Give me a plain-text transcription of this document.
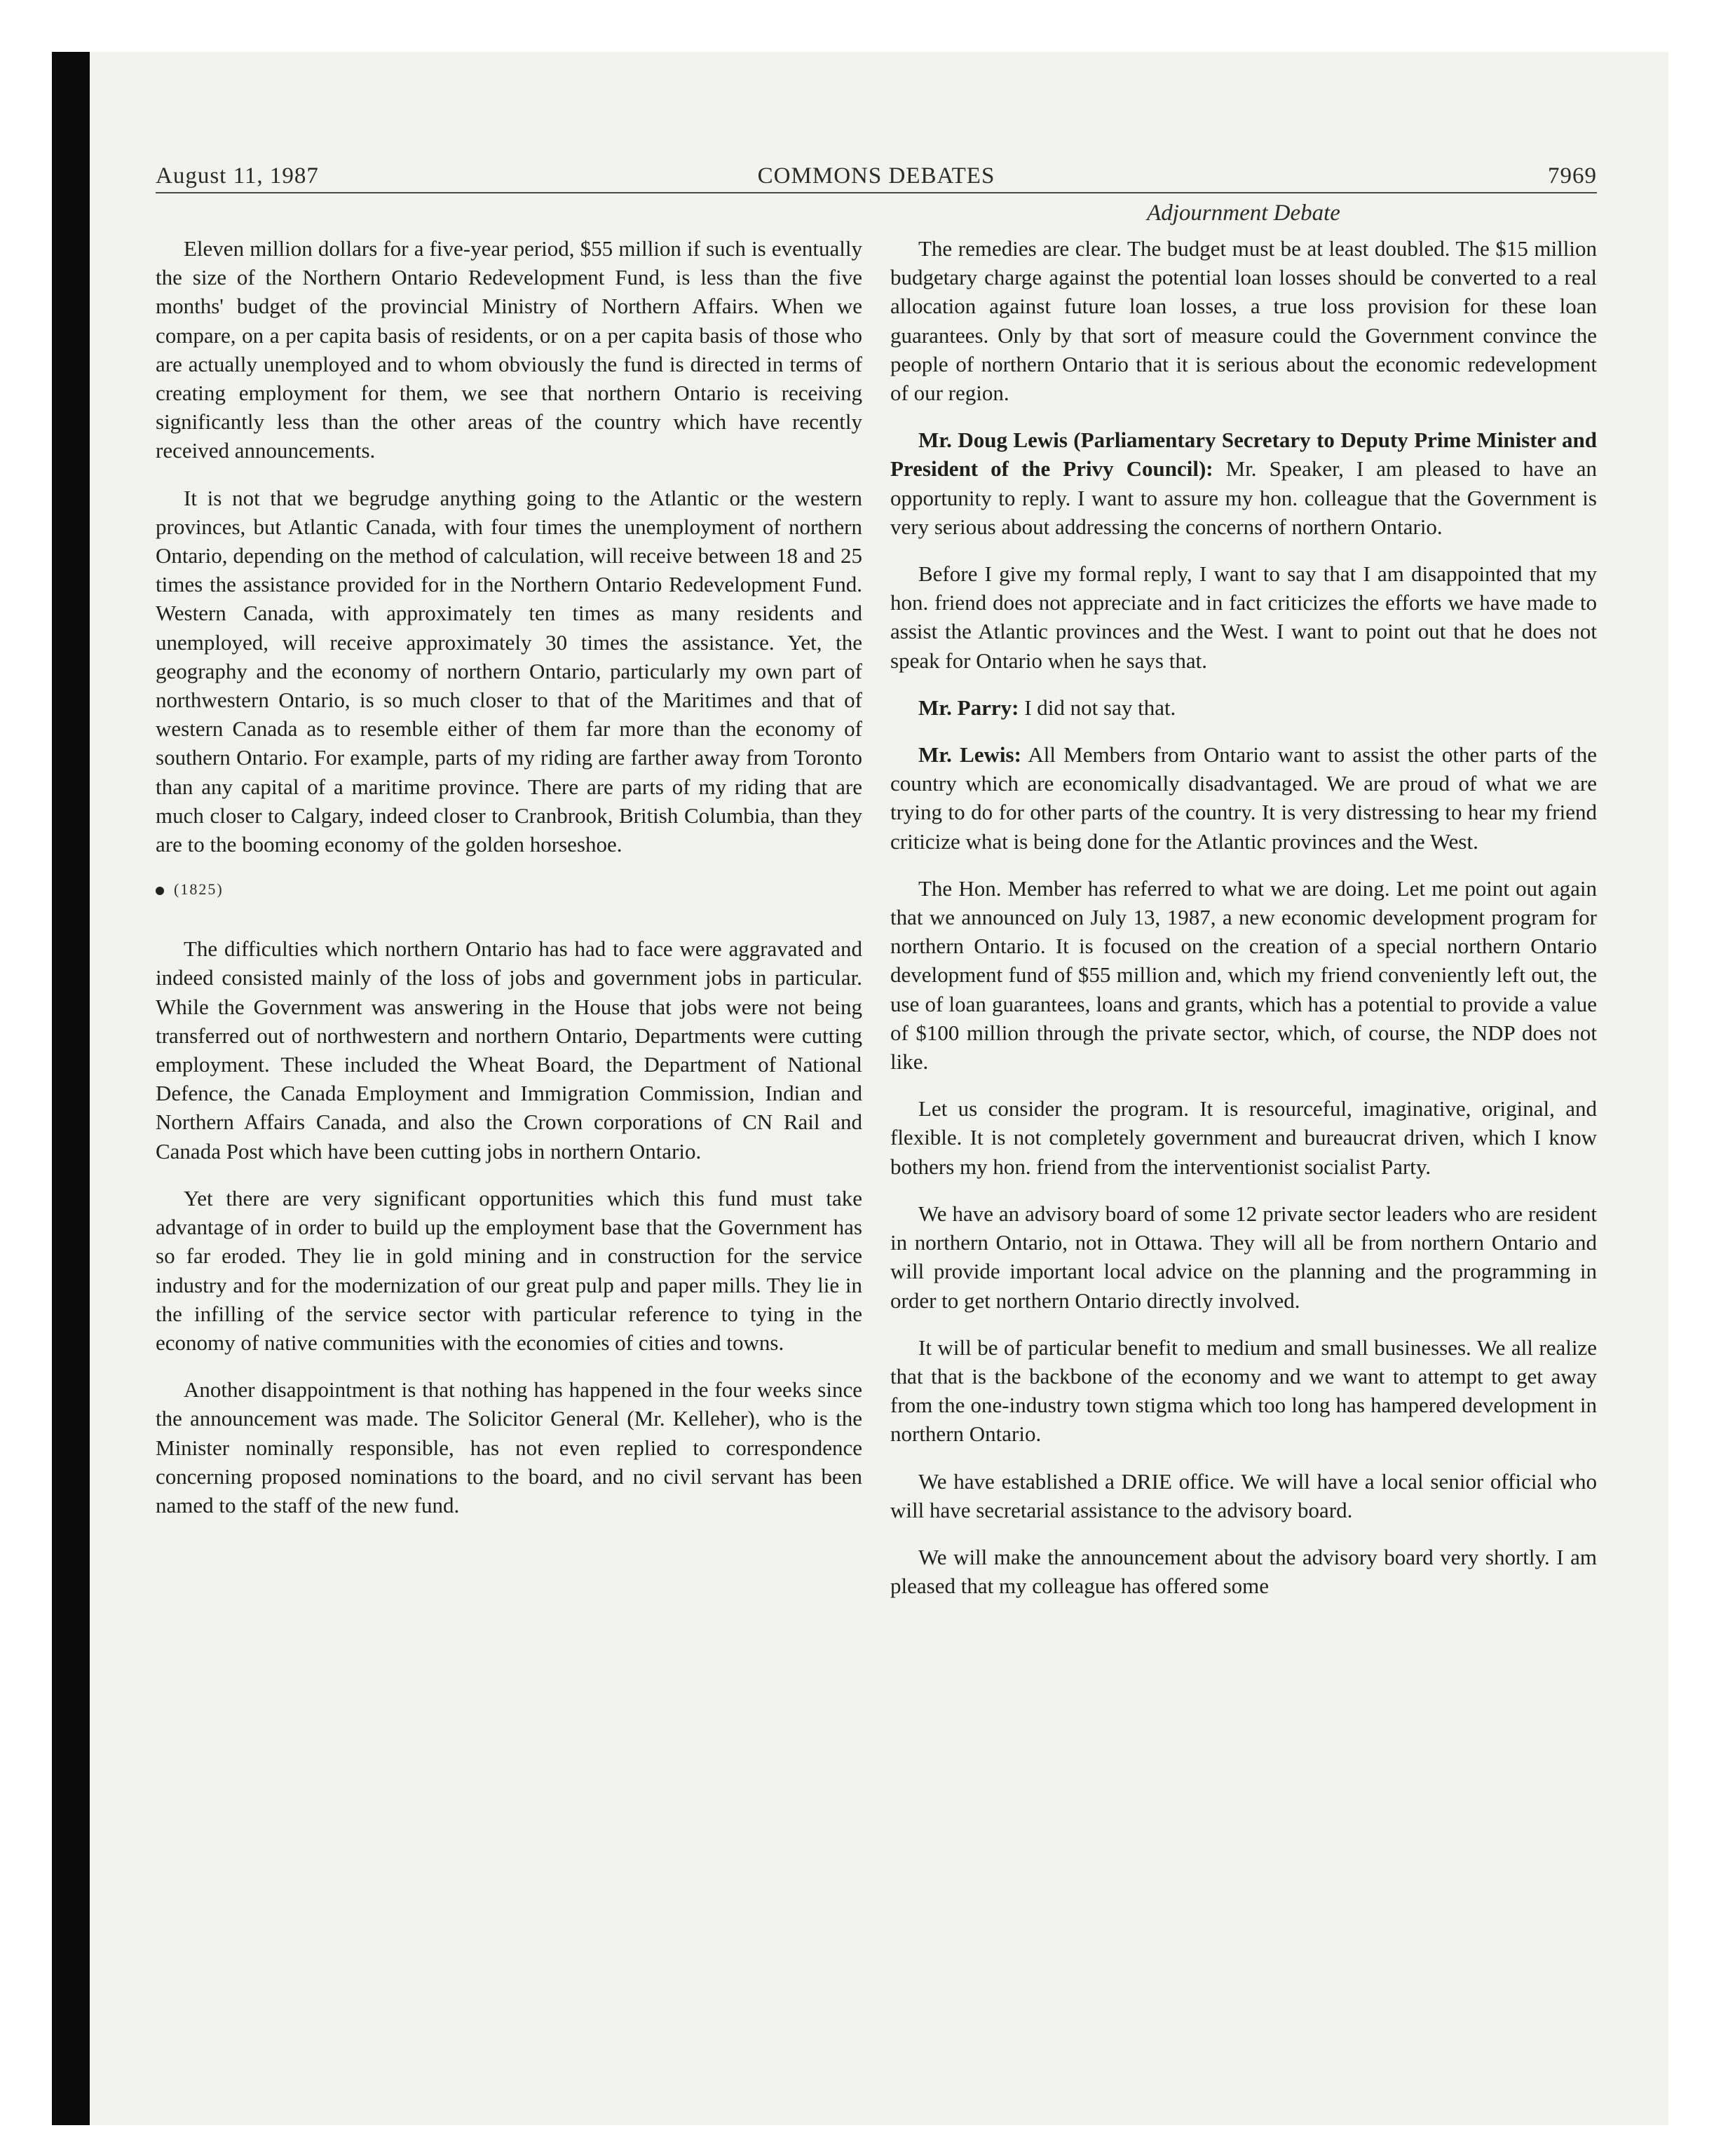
August 11, 1987	COMMONS DEBATES	7969
Adjournment Debate

Eleven million dollars for a five-year period, $55 million if such is eventually the size of the Northern Ontario Redevelopment Fund, is less than the five months' budget of the provincial Ministry of Northern Affairs. When we compare, on a per capita basis of residents, or on a per capita basis of those who are actually unemployed and to whom obviously the fund is directed in terms of creating employment for them, we see that northern Ontario is receiving significantly less than the other areas of the country which have recently received announcements.

It is not that we begrudge anything going to the Atlantic or the western provinces, but Atlantic Canada, with four times the unemployment of northern Ontario, depending on the method of calculation, will receive between 18 and 25 times the assistance provided for in the Northern Ontario Redevelopment Fund. Western Canada, with approximately ten times as many residents and unemployed, will receive approximately 30 times the assistance. Yet, the geography and the economy of northern Ontario, particularly my own part of northwestern Ontario, is so much closer to that of the Maritimes and that of western Canada as to resemble either of them far more than the economy of southern Ontario. For example, parts of my riding are farther away from Toronto than any capital of a maritime province. There are parts of my riding that are much closer to Calgary, indeed closer to Cranbrook, British Columbia, than they are to the booming economy of the golden horseshoe.

(1825)

The difficulties which northern Ontario has had to face were aggravated and indeed consisted mainly of the loss of jobs and government jobs in particular. While the Government was answering in the House that jobs were not being transferred out of northwestern and northern Ontario, Departments were cutting employment. These included the Wheat Board, the Department of National Defence, the Canada Employment and Immigration Commission, Indian and Northern Affairs Canada, and also the Crown corporations of CN Rail and Canada Post which have been cutting jobs in northern Ontario.

Yet there are very significant opportunities which this fund must take advantage of in order to build up the employment base that the Government has so far eroded. They lie in gold mining and in construction for the service industry and for the modernization of our great pulp and paper mills. They lie in the infilling of the service sector with particular reference to tying in the economy of native communities with the economies of cities and towns.

Another disappointment is that nothing has happened in the four weeks since the announcement was made. The Solicitor General (Mr. Kelleher), who is the Minister nominally responsible, has not even replied to correspondence concerning proposed nominations to the board, and no civil servant has been named to the staff of the new fund.

The remedies are clear. The budget must be at least doubled. The $15 million budgetary charge against the potential loan losses should be converted to a real allocation against future loan losses, a true loss provision for these loan guarantees. Only by that sort of measure could the Government convince the people of northern Ontario that it is serious about the economic redevelopment of our region.

Mr. Doug Lewis (Parliamentary Secretary to Deputy Prime Minister and President of the Privy Council): Mr. Speaker, I am pleased to have an opportunity to reply. I want to assure my hon. colleague that the Government is very serious about addressing the concerns of northern Ontario.

Before I give my formal reply, I want to say that I am disappointed that my hon. friend does not appreciate and in fact criticizes the efforts we have made to assist the Atlantic provinces and the West. I want to point out that he does not speak for Ontario when he says that.

Mr. Parry: I did not say that.

Mr. Lewis: All Members from Ontario want to assist the other parts of the country which are economically disadvantaged. We are proud of what we are trying to do for other parts of the country. It is very distressing to hear my friend criticize what is being done for the Atlantic provinces and the West.

The Hon. Member has referred to what we are doing. Let me point out again that we announced on July 13, 1987, a new economic development program for northern Ontario. It is focused on the creation of a special northern Ontario development fund of $55 million and, which my friend conveniently left out, the use of loan guarantees, loans and grants, which has a potential to provide a value of $100 million through the private sector, which, of course, the NDP does not like.

Let us consider the program. It is resourceful, imaginative, original, and flexible. It is not completely government and bureaucrat driven, which I know bothers my hon. friend from the interventionist socialist Party.

We have an advisory board of some 12 private sector leaders who are resident in northern Ontario, not in Ottawa. They will all be from northern Ontario and will provide important local advice on the planning and the programming in order to get northern Ontario directly involved.

It will be of particular benefit to medium and small businesses. We all realize that that is the backbone of the economy and we want to attempt to get away from the one-industry town stigma which too long has hampered development in northern Ontario.

We have established a DRIE office. We will have a local senior official who will have secretarial assistance to the advisory board.

We will make the announcement about the advisory board very shortly. I am pleased that my colleague has offered some
